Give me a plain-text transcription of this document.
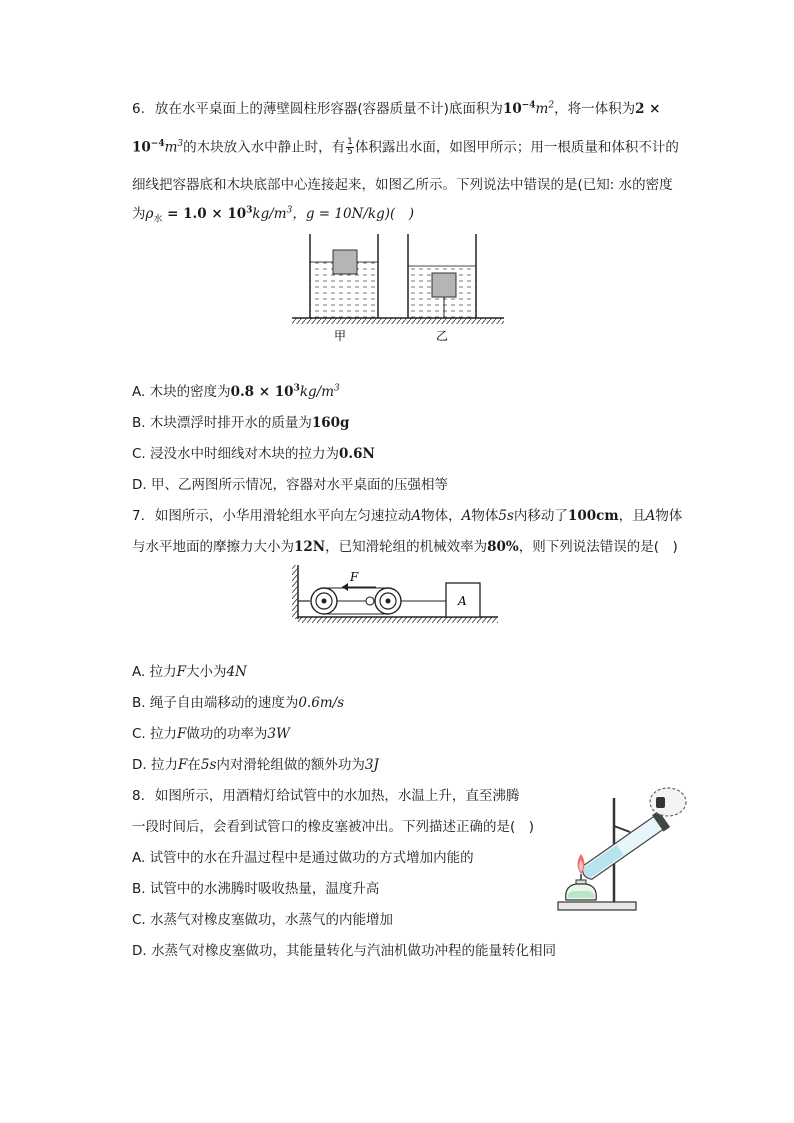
6. 放在水平桌面上的薄壁圆柱形容器(容器质量不计)底面积为$10^{-4}m^2$，将一体积为2 ×
$10^{-4}m^3$的木块放入水中静止时，有 $\frac{1}{5}$ 体积露出水面，如图甲所示；用一根质量和体积不计的
细线把容器底和木块底部中心连接起来，如图乙所示。下列说法中错误的是(已知: 水的密度
为$\rho_水 = 1.0 \times 10^3kg/m^3$，g = 10N/kg)(　)
甲	乙
A. 木块的密度为$0.8 \times 10^3kg/m^3$
B. 木块漂浮时排开水的质量为160g
C. 浸没水中时细线对木块的拉力为0.6N
D. 甲、乙两图所示情况，容器对水平桌面的压强相等
7. 如图所示，小华用滑轮组水平向左匀速拉动A物体，A物体5s内移动了100cm，且A物体
与水平地面的摩擦力大小为12N，已知滑轮组的机械效率为80%，则下列说法错误的是(　)
F
A
A. 拉力F大小为4N
B. 绳子自由端移动的速度为0.6m/s
C. 拉力F做功的功率为3W
D. 拉力F在5s内对滑轮组做的额外功为3J
8. 如图所示，用酒精灯给试管中的水加热，水温上升，直至沸腾
一段时间后，会看到试管口的橡皮塞被冲出。下列描述正确的是(　)
A. 试管中的水在升温过程中是通过做功的方式增加内能的
B. 试管中的水沸腾时吸收热量，温度升高
C. 水蒸气对橡皮塞做功，水蒸气的内能增加
D. 水蒸气对橡皮塞做功，其能量转化与汽油机做功冲程的能量转化相同
